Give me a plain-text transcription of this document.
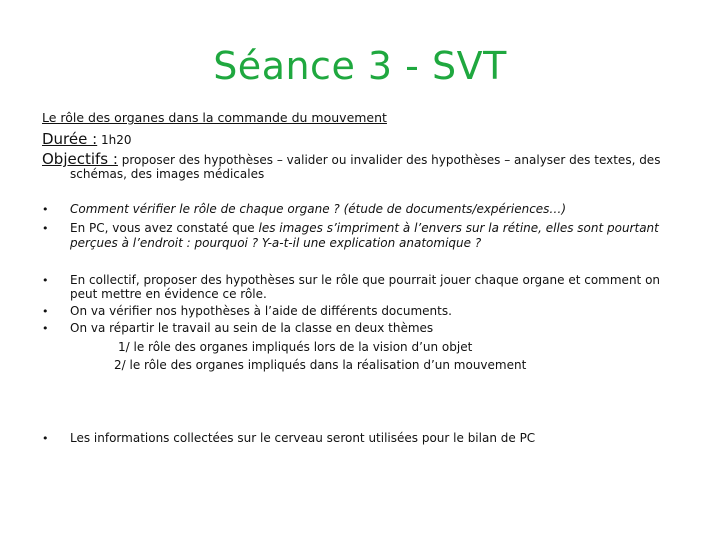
Séance 3 - SVT
Le rôle des organes dans la commande du mouvement
Durée : 1h20
Objectifs : proposer des hypothèses – valider ou invalider des hypothèses – analyser des textes, des
schémas, des images médicales
• Comment vérifier le rôle de chaque organe ? (étude de documents/expériences…)
• En PC, vous avez constaté que les images s’impriment à l’envers sur la rétine, elles sont pourtant
perçues à l’endroit : pourquoi ? Y-a-t-il une explication anatomique ?
• En collectif, proposer des hypothèses sur le rôle que pourrait jouer chaque organe et comment on
peut mettre en évidence ce rôle.
• On va vérifier nos hypothèses à l’aide de différents documents.
• On va répartir le travail au sein de la classe en deux thèmes
1/ le rôle des organes impliqués lors de la vision d’un objet
2/ le rôle des organes impliqués dans la réalisation d’un mouvement
• Les informations collectées sur le cerveau seront utilisées pour le bilan de PC
